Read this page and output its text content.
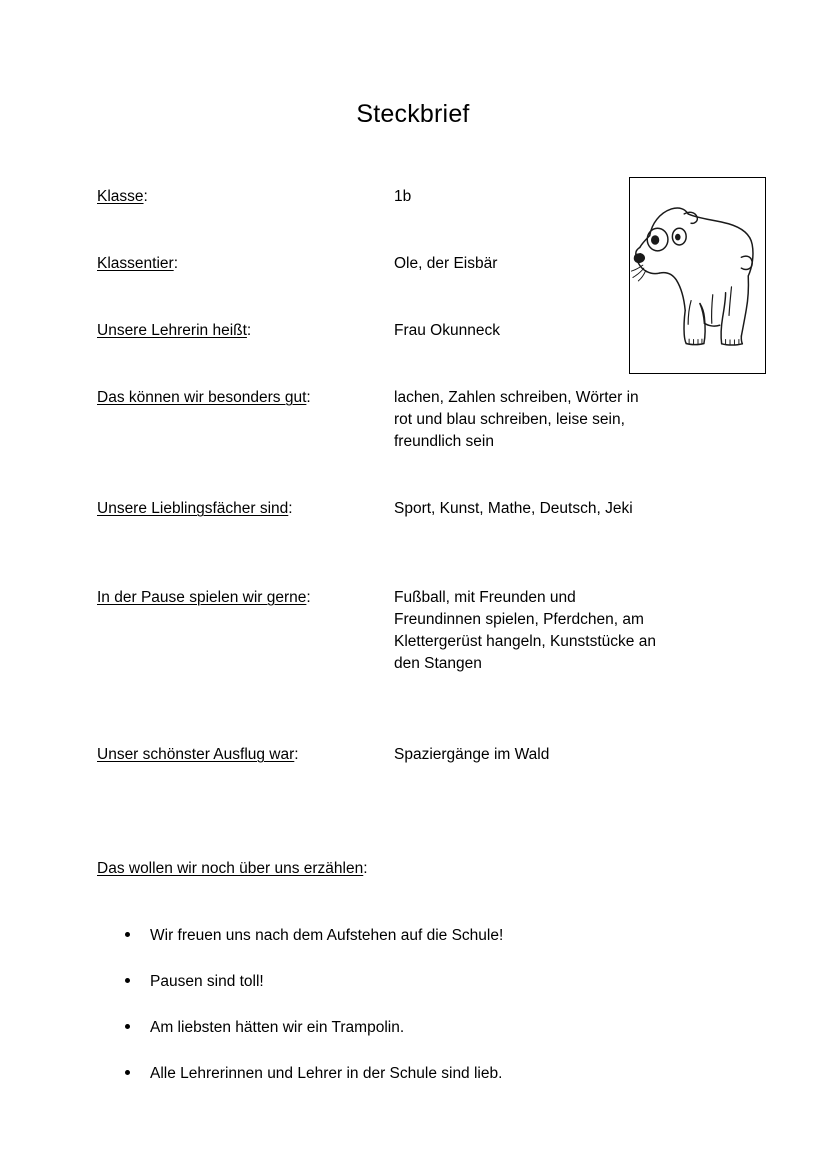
Steckbrief
Klasse:	1b
Klassentier:	Ole, der Eisbär
Unsere Lehrerin heißt:	Frau Okunneck
Das können wir besonders gut:	lachen, Zahlen schreiben, Wörter in
rot und blau schreiben, leise sein,
freundlich sein
Unsere Lieblingsfächer sind:	Sport, Kunst, Mathe, Deutsch, Jeki
In der Pause spielen wir gerne:	Fußball, mit Freunden und
Freundinnen spielen, Pferdchen, am
Klettergerüst hangeln, Kunststücke an
den Stangen
Unser schönster Ausflug war:	Spaziergänge im Wald
Das wollen wir noch über uns erzählen:
Wir freuen uns nach dem Aufstehen auf die Schule!
Pausen sind toll!
Am liebsten hätten wir ein Trampolin.
Alle Lehrerinnen und Lehrer in der Schule sind lieb.
